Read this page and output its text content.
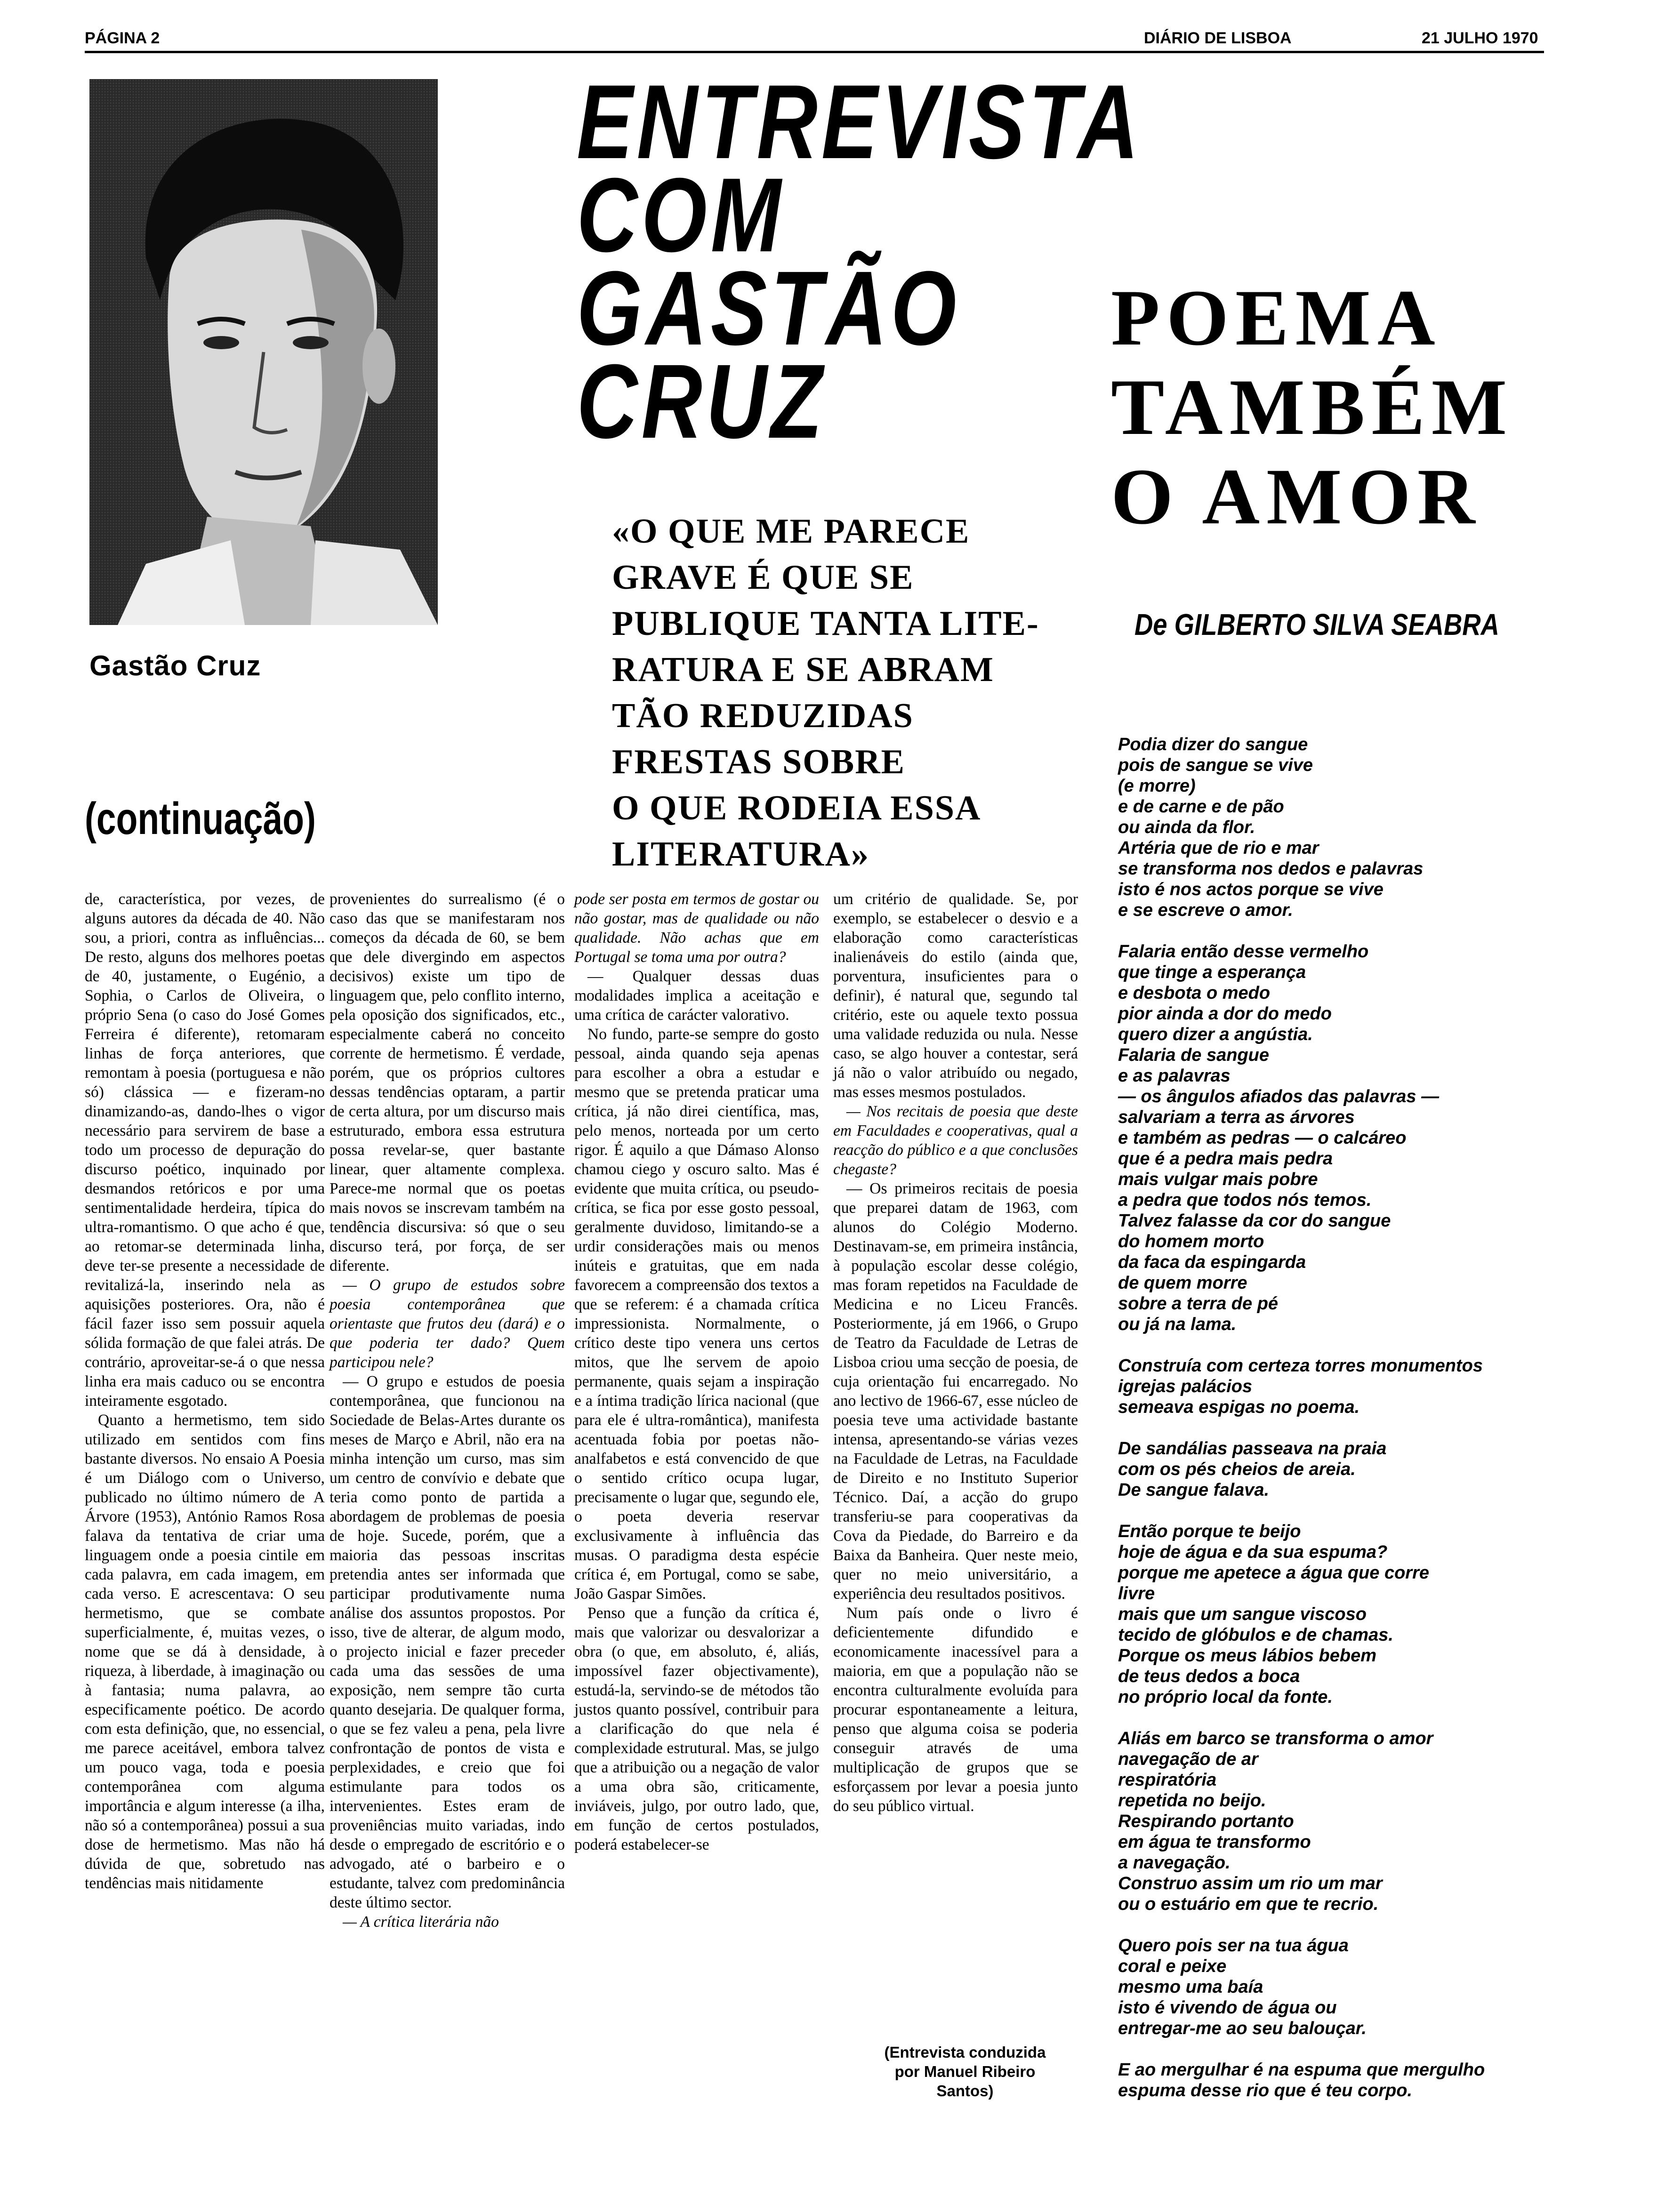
PÁGINA 2	DIÁRIO DE LISBOA	21 JULHO 1970
Gastão Cruz
(continuação)
ENTREVISTA
COM
GASTÃO
CRUZ
«O QUE ME PARECE
GRAVE É QUE SE
PUBLIQUE TANTA LITE-
RATURA E SE ABRAM
TÃO REDUZIDAS
FRESTAS SOBRE
O QUE RODEIA ESSA
LITERATURA»
POEMA
TAMBÉM
O AMOR
De GILBERTO SILVA SEABRA

de, característica, por vezes, de alguns autores da década de 40. Não sou, a priori, contra as influências... De resto, alguns dos melhores poetas de 40, justamente, o Eugénio, a Sophia, o Carlos de Oliveira, o próprio Sena (o caso do José Gomes Ferreira é diferente), retomaram linhas de força anteriores, que remontam à poesia (portuguesa e não só) clássica — e fizeram-no dinamizando-as, dando-lhes o vigor necessário para servirem de base a todo um processo de depuração do discurso poético, inquinado por desmandos retóricos e por uma sentimentalidade herdeira, típica do ultra-romantismo. O que acho é que, ao retomar-se determinada linha, deve ter-se presente a necessidade de revitalizá-la, inserindo nela as aquisições posteriores. Ora, não é fácil fazer isso sem possuir aquela sólida formação de que falei atrás. De contrário, aproveitar-se-á o que nessa linha era mais caduco ou se encontra inteiramente esgotado.

Quanto a hermetismo, tem sido utilizado em sentidos com fins bastante diversos. No ensaio A Poesia é um Diálogo com o Universo, publicado no último número de A Árvore (1953), António Ramos Rosa falava da tentativa de criar uma linguagem onde a poesia cintile em cada palavra, em cada imagem, em cada verso. E acrescentava: O seu hermetismo, que se combate superficialmente, é, muitas vezes, o nome que se dá à densidade, à riqueza, à liberdade, à imaginação ou à fantasia; numa palavra, ao especificamente poético. De acordo com esta definição, que, no essencial, me parece aceitável, embora talvez um pouco vaga, toda e poesia contemporânea com alguma importância e algum interesse (a ilha, não só a contemporânea) possui a sua dose de hermetismo. Mas não há dúvida de que, sobretudo nas tendências mais nitidamente

provenientes do surrealismo (é o caso das que se manifestaram nos começos da década de 60, se bem que dele divergindo em aspectos decisivos) existe um tipo de linguagem que, pelo conflito interno, pela oposição dos significados, etc., especialmente caberá no conceito corrente de hermetismo. É verdade, porém, que os próprios cultores dessas tendências optaram, a partir de certa altura, por um discurso mais estruturado, embora essa estrutura possa revelar-se, quer bastante linear, quer altamente complexa. Parece-me normal que os poetas mais novos se inscrevam também na tendência discursiva: só que o seu discurso terá, por força, de ser diferente.

— O grupo de estudos sobre poesia contemporânea que orientaste que frutos deu (dará) e o que poderia ter dado? Quem participou nele?

— O grupo e estudos de poesia contemporânea, que funcionou na Sociedade de Belas-Artes durante os meses de Março e Abril, não era na minha intenção um curso, mas sim um centro de convívio e debate que teria como ponto de partida a abordagem de problemas de poesia de hoje. Sucede, porém, que a maioria das pessoas inscritas pretendia antes ser informada que participar produtivamente numa análise dos assuntos propostos. Por isso, tive de alterar, de algum modo, o projecto inicial e fazer preceder cada uma das sessões de uma exposição, nem sempre tão curta quanto desejaria. De qualquer forma, o que se fez valeu a pena, pela livre confrontação de pontos de vista e perplexidades, e creio que foi estimulante para todos os intervenientes. Estes eram de proveniências muito variadas, indo desde o empregado de escritório e o advogado, até o barbeiro e o estudante, talvez com predominância deste último sector.

— A crítica literária não

pode ser posta em termos de gostar ou não gostar, mas de qualidade ou não qualidade. Não achas que em Portugal se toma uma por outra?

— Qualquer dessas duas modalidades implica a aceitação e uma crítica de carácter valorativo.

No fundo, parte-se sempre do gosto pessoal, ainda quando seja apenas para escolher a obra a estudar e mesmo que se pretenda praticar uma crítica, já não direi científica, mas, pelo menos, norteada por um certo rigor. É aquilo a que Dámaso Alonso chamou ciego y oscuro salto. Mas é evidente que muita crítica, ou pseudo-crítica, se fica por esse gosto pessoal, geralmente duvidoso, limitando-se a urdir considerações mais ou menos inúteis e gratuitas, que em nada favorecem a compreensão dos textos a que se referem: é a chamada crítica impressionista. Normalmente, o crítico deste tipo venera uns certos mitos, que lhe servem de apoio permanente, quais sejam a inspiração e a íntima tradição lírica nacional (que para ele é ultra-romântica), manifesta acentuada fobia por poetas não-analfabetos e está convencido de que o sentido crítico ocupa lugar, precisamente o lugar que, segundo ele, o poeta deveria reservar exclusivamente à influência das musas. O paradigma desta espécie crítica é, em Portugal, como se sabe, João Gaspar Simões.

Penso que a função da crítica é, mais que valorizar ou desvalorizar a obra (o que, em absoluto, é, aliás, impossível fazer objectivamente), estudá-la, servindo-se de métodos tão justos quanto possível, contribuir para a clarificação do que nela é complexidade estrutural. Mas, se julgo que a atribuição ou a negação de valor a uma obra são, criticamente, inviáveis, julgo, por outro lado, que, em função de certos postulados, poderá estabelecer-se

um critério de qualidade. Se, por exemplo, se estabelecer o desvio e a elaboração como características inalienáveis do estilo (ainda que, porventura, insuficientes para o definir), é natural que, segundo tal critério, este ou aquele texto possua uma validade reduzida ou nula. Nesse caso, se algo houver a contestar, será já não o valor atribuído ou negado, mas esses mesmos postulados.

— Nos recitais de poesia que deste em Faculdades e cooperativas, qual a reacção do público e a que conclusões chegaste?

— Os primeiros recitais de poesia que preparei datam de 1963, com alunos do Colégio Moderno. Destinavam-se, em primeira instância, à população escolar desse colégio, mas foram repetidos na Faculdade de Medicina e no Liceu Francês. Posteriormente, já em 1966, o Grupo de Teatro da Faculdade de Letras de Lisboa criou uma secção de poesia, de cuja orientação fui encarregado. No ano lectivo de 1966-67, esse núcleo de poesia teve uma actividade bastante intensa, apresentando-se várias vezes na Faculdade de Letras, na Faculdade de Direito e no Instituto Superior Técnico. Daí, a acção do grupo transferiu-se para cooperativas da Cova da Piedade, do Barreiro e da Baixa da Banheira. Quer neste meio, quer no meio universitário, a experiência deu resultados positivos.

Num país onde o livro é deficientemente difundido e economicamente inacessível para a maioria, em que a população não se encontra culturalmente evoluída para procurar espontaneamente a leitura, penso que alguma coisa se poderia conseguir através de uma multiplicação de grupos que se esforçassem por levar a poesia junto do seu público virtual.

(Entrevista conduzida
por Manuel Ribeiro
Santos)
Podia dizer do sangue
pois de sangue se vive
(e morre)
e de carne e de pão
ou ainda da flor.
Artéria que de rio e mar
se transforma nos dedos e palavras
isto é nos actos porque se vive
e se escreve o amor.
Falaria então desse vermelho
que tinge a esperança
e desbota o medo
pior ainda a dor do medo
quero dizer a angústia.
Falaria de sangue
e as palavras
— os ângulos afiados das palavras —
salvariam a terra as árvores
e também as pedras — o calcáreo
que é a pedra mais pedra
mais vulgar mais pobre
a pedra que todos nós temos.
Talvez falasse da cor do sangue
do homem morto
da faca da espingarda
de quem morre
sobre a terra de pé
ou já na lama.
Construía com certeza torres monumentos
igrejas palácios
semeava espigas no poema.
De sandálias passeava na praia
com os pés cheios de areia.
De sangue falava.
Então porque te beijo
hoje de água e da sua espuma?
porque me apetece a água que corre
livre
mais que um sangue viscoso
tecido de glóbulos e de chamas.
Porque os meus lábios bebem
de teus dedos a boca
no próprio local da fonte.
Aliás em barco se transforma o amor
navegação de ar
respiratória
repetida no beijo.
Respirando portanto
em água te transformo
a navegação.
Construo assim um rio um mar
ou o estuário em que te recrio.
Quero pois ser na tua água
coral e peixe
mesmo uma baía
isto é vivendo de água ou
entregar-me ao seu balouçar.
E ao mergulhar é na espuma que mergulho
espuma desse rio que é teu corpo.
